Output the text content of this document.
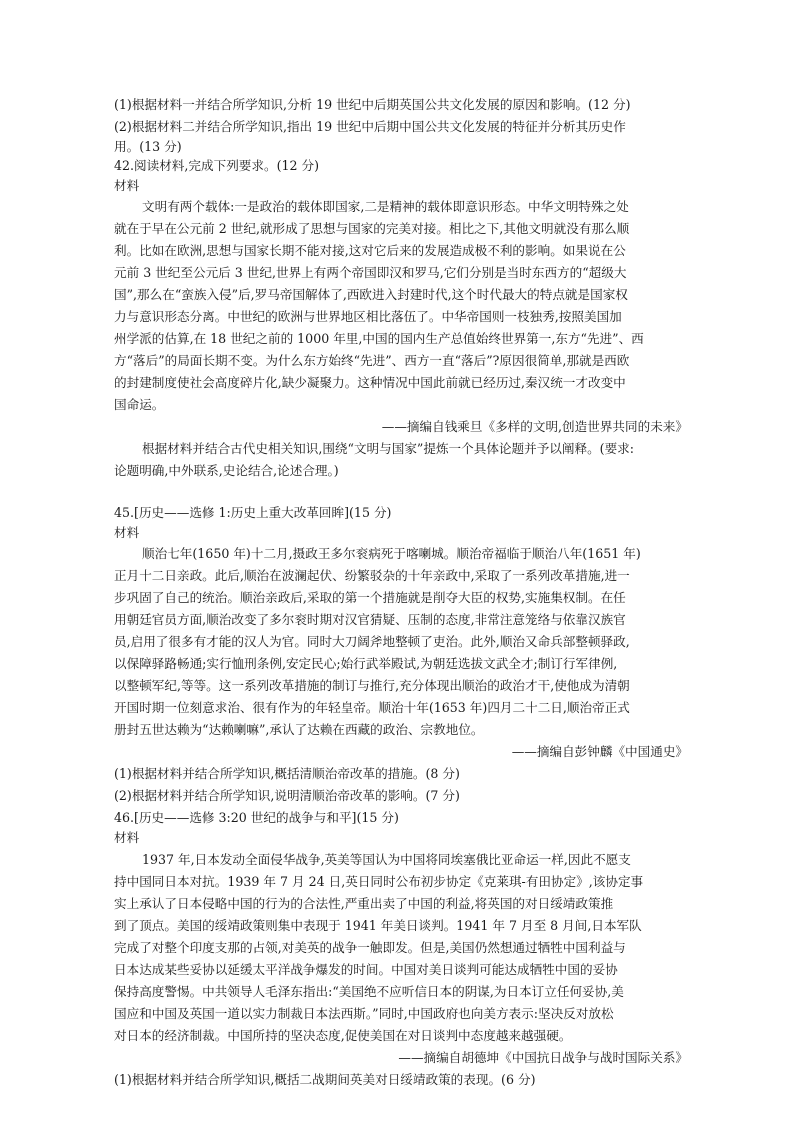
(1)根据材料一并结合所学知识,分析 19 世纪中后期英国公共文化发展的原因和影响。(12 分)
(2)根据材料二并结合所学知识,指出 19 世纪中后期中国公共文化发展的特征并分析其历史作
用。(13 分)
42.阅读材料,完成下列要求。(12 分)
材料
文明有两个载体:一是政治的载体即国家,二是精神的载体即意识形态。中华文明特殊之处
就在于早在公元前 2 世纪,就形成了思想与国家的完美对接。相比之下,其他文明就没有那么顺
利。比如在欧洲,思想与国家长期不能对接,这对它后来的发展造成极不利的影响。如果说在公
元前 3 世纪至公元后 3 世纪,世界上有两个帝国即汉和罗马,它们分别是当时东西方的“超级大
国”,那么在“蛮族入侵”后,罗马帝国解体了,西欧进入封建时代,这个时代最大的特点就是国家权
力与意识形态分离。中世纪的欧洲与世界地区相比落伍了。中华帝国则一枝独秀,按照美国加
州学派的估算,在 18 世纪之前的 1000 年里,中国的国内生产总值始终世界第一,东方“先进”、西
方“落后”的局面长期不变。为什么东方始终“先进”、西方一直“落后”?原因很简单,那就是西欧
的封建制度使社会高度碎片化,缺少凝聚力。这种情况中国此前就已经历过,秦汉统一才改变中
国命运。
——摘编自钱乘旦《多样的文明,创造世界共同的未来》
根据材料并结合古代史相关知识,围绕“文明与国家”提炼一个具体论题并予以阐释。(要求:
论题明确,中外联系,史论结合,论述合理。)
45.[历史——选修 1:历史上重大改革回眸](15 分)
材料
顺治七年(1650 年)十二月,摄政王多尔衮病死于喀喇城。顺治帝福临于顺治八年(1651 年)
正月十二日亲政。此后,顺治在波澜起伏、纷繁驳杂的十年亲政中,采取了一系列改革措施,进一
步巩固了自己的统治。顺治亲政后,采取的第一个措施就是削夺大臣的权势,实施集权制。在任
用朝廷官员方面,顺治改变了多尔衮时期对汉官猜疑、压制的态度,非常注意笼络与依靠汉族官
员,启用了很多有才能的汉人为官。同时大刀阔斧地整顿了吏治。此外,顺治又命兵部整顿驿政,
以保障驿路畅通;实行恤刑条例,安定民心;始行武举殿试,为朝廷选拔文武全才;制订行军律例,
以整顿军纪,等等。这一系列改革措施的制订与推行,充分体现出顺治的政治才干,使他成为清朝
开国时期一位刻意求治、很有作为的年轻皇帝。顺治十年(1653 年)四月二十二日,顺治帝正式
册封五世达赖为“达赖喇嘛”,承认了达赖在西藏的政治、宗教地位。
——摘编自彭钟麟《中国通史》
(1)根据材料并结合所学知识,概括清顺治帝改革的措施。(8 分)
(2)根据材料并结合所学知识,说明清顺治帝改革的影响。(7 分)
46.[历史——选修 3:20 世纪的战争与和平](15 分)
材料
1937 年,日本发动全面侵华战争,英美等国认为中国将同埃塞俄比亚命运一样,因此不愿支
持中国同日本对抗。1939 年 7 月 24 日,英日同时公布初步协定《克莱琪-有田协定》,该协定事
实上承认了日本侵略中国的行为的合法性,严重出卖了中国的利益,将英国的对日绥靖政策推
到了顶点。美国的绥靖政策则集中表现于 1941 年美日谈判。1941 年 7 月至 8 月间,日本军队
完成了对整个印度支那的占领,对美英的战争一触即发。但是,美国仍然想通过牺牲中国利益与
日本达成某些妥协以延缓太平洋战争爆发的时间。中国对美日谈判可能达成牺牲中国的妥协
保持高度警惕。中共领导人毛泽东指出:“美国绝不应听信日本的阴谋,为日本订立任何妥协,美
国应和中国及英国一道以实力制裁日本法西斯。”同时,中国政府也向美方表示:坚决反对放松
对日本的经济制裁。中国所持的坚决态度,促使美国在对日谈判中态度越来越强硬。
——摘编自胡德坤《中国抗日战争与战时国际关系》
(1)根据材料并结合所学知识,概括二战期间英美对日绥靖政策的表现。(6 分)
